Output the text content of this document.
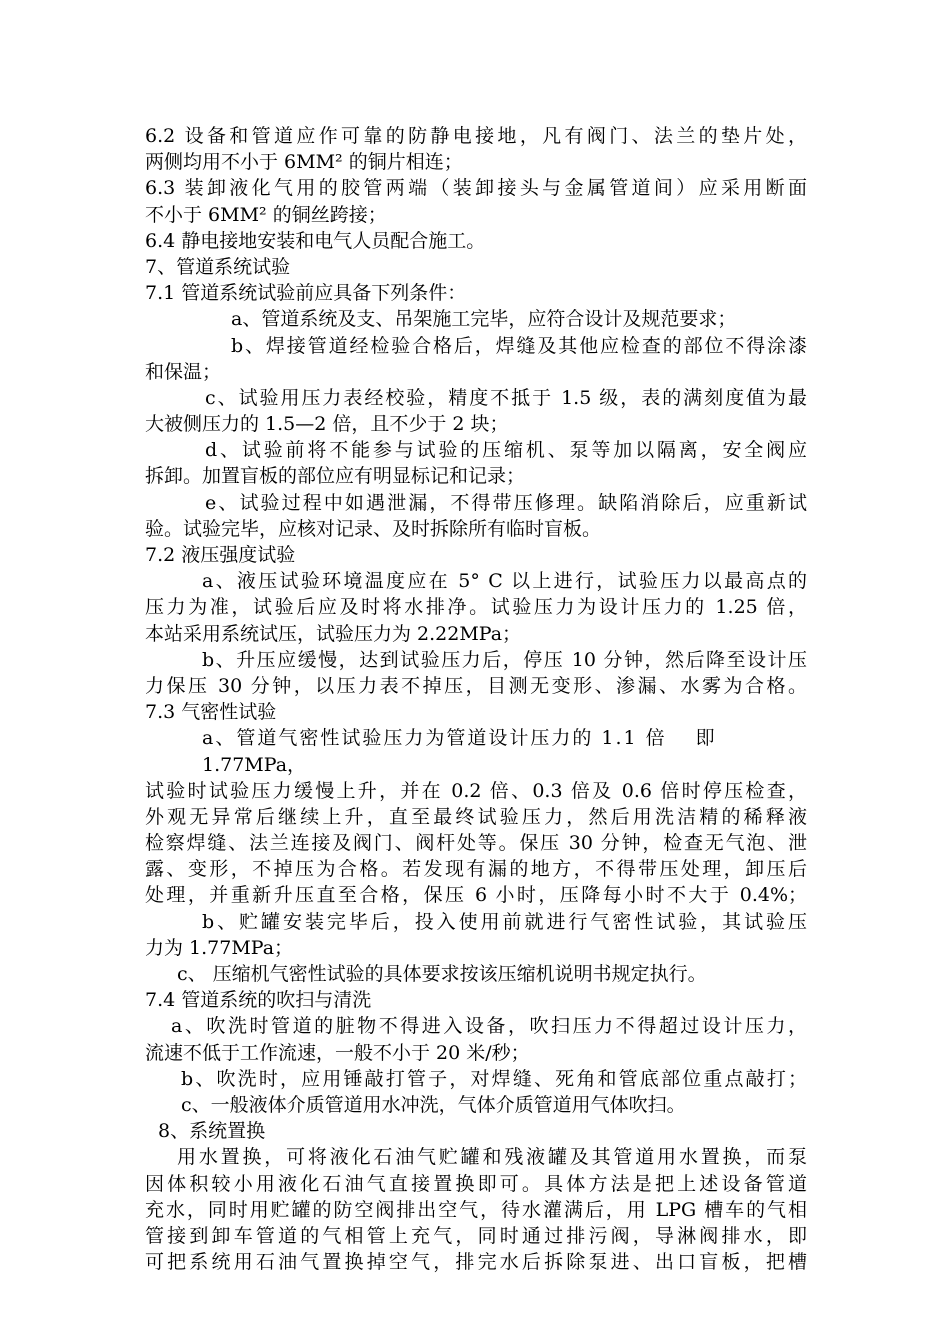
6.2 设备和管道应作可靠的防静电接地，凡有阀门、法兰的垫片处，
两侧均用不小于 6MM² 的铜片相连；
6.3 装卸液化气用的胶管两端（装卸接头与金属管道间）应采用断面
不小于 6MM² 的铜丝跨接；
6.4 静电接地安装和电气人员配合施工。
7、管道系统试验
7.1 管道系统试验前应具备下列条件：
a、管道系统及支、吊架施工完毕，应符合设计及规范要求；
b、焊接管道经检验合格后，焊缝及其他应检查的部位不得涂漆
和保温；
c、试验用压力表经校验，精度不抵于 1.5 级，表的满刻度值为最
大被侧压力的 1.5—2 倍，且不少于 2 块；
d、试验前将不能参与试验的压缩机、泵等加以隔离，安全阀应
拆卸。加置盲板的部位应有明显标记和记录；
e、试验过程中如遇泄漏，不得带压修理。缺陷消除后，应重新试
验。试验完毕，应核对记录、及时拆除所有临时盲板。
7.2 液压强度试验
a、液压试验环境温度应在 5° C 以上进行，试验压力以最高点的
压力为准，试验后应及时将水排净。试验压力为设计压力的 1.25 倍，
本站采用系统试压，试验压力为 2.22MPa；
b、升压应缓慢，达到试验压力后，停压 10 分钟，然后降至设计压
力保压 30 分钟，以压力表不掉压，目测无变形、渗漏、水雾为合格。
7.3 气密性试验
a、管道气密性试验压力为管道设计压力的 1.1 倍　 即
1.77MPa，
试验时试验压力缓慢上升，并在 0.2 倍、0.3 倍及 0.6 倍时停压检查，
外观无异常后继续上升，直至最终试验压力，然后用洗洁精的稀释液
检察焊缝、法兰连接及阀门、阀杆处等。保压 30 分钟，检查无气泡、泄
露、变形，不掉压为合格。若发现有漏的地方，不得带压处理，卸压后
处理，并重新升压直至合格，保压 6 小时，压降每小时不大于 0.4%；
b、贮罐安装完毕后，投入使用前就进行气密性试验，其试验压
力为 1.77MPa；
c、 压缩机气密性试验的具体要求按该压缩机说明书规定执行。
7.4 管道系统的吹扫与清洗
a、吹洗时管道的脏物不得进入设备，吹扫压力不得超过设计压力，
流速不低于工作流速，一般不小于 20 米/秒；
b、吹洗时，应用锤敲打管子，对焊缝、死角和管底部位重点敲打；
c、一般液体介质管道用水冲洗，气体介质管道用气体吹扫。
8、系统置换
用水置换，可将液化石油气贮罐和残液罐及其管道用水置换，而泵
因体积较小用液化石油气直接置换即可。具体方法是把上述设备管道
充水，同时用贮罐的防空阀排出空气，待水灌满后，用 LPG 槽车的气相
管接到卸车管道的气相管上充气，同时通过排污阀，导淋阀排水，即
可把系统用石油气置换掉空气，排完水后拆除泵进、出口盲板，把槽
